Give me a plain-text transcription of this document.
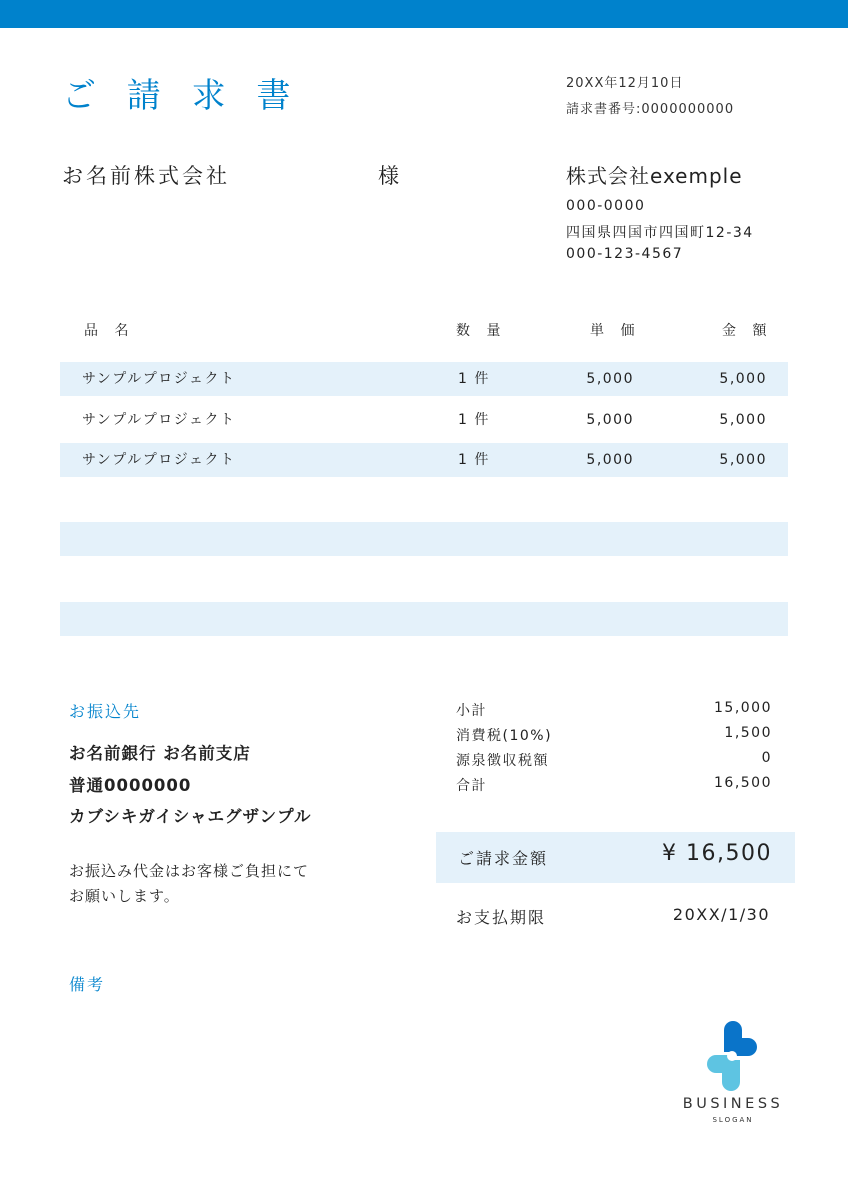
ご 請 求 書	20XX年12月10日
請求書番号:0000000000
お名前株式会社	様	株式会社exemple
000-0000
四国県四国市四国町12-34
000-123-4567
品 名	数 量	単 価	金 額
サンプルプロジェクト	1 件	5,000	5,000
サンプルプロジェクト	1 件	5,000	5,000
サンプルプロジェクト	1 件	5,000	5,000
お振込先
お名前銀行 お名前支店
普通0000000
カブシキガイシャエグザンプル
お振込み代金はお客様ご負担にて
お願いします。
小計	15,000
消費税(10%)	1,500
源泉徴収税額	0
合計	16,500
ご請求金額	¥ 16,500
お支払期限	20XX/1/30
備考
BUSINESS
SLOGAN
